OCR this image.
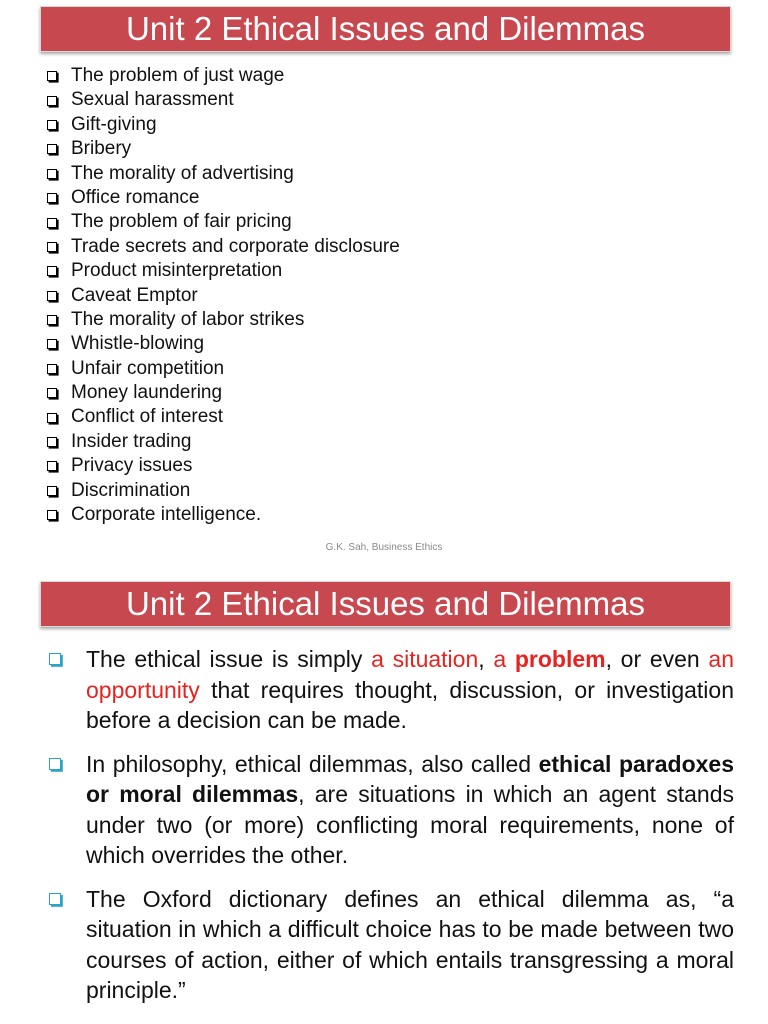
Unit 2 Ethical Issues and Dilemmas
The problem of just wage
Sexual harassment
Gift-giving
Bribery
The morality of advertising
Office romance
The problem of fair pricing
Trade secrets and corporate disclosure
Product misinterpretation
Caveat Emptor
The morality of labor strikes
Whistle-blowing
Unfair competition
Money laundering
Conflict of interest
Insider trading
Privacy issues
Discrimination
Corporate intelligence.
G.K. Sah, Business Ethics
Unit 2 Ethical Issues and Dilemmas
The ethical issue is simply a situation, a problem, or even an opportunity that requires thought, discussion, or investigation before a decision can be made.
In philosophy, ethical dilemmas, also called ethical paradoxes or moral dilemmas, are situations in which an agent stands under two (or more) conflicting moral requirements, none of which overrides the other.
The Oxford dictionary defines an ethical dilemma as, “a situation in which a difficult choice has to be made between two courses of action, either of which entails transgressing a moral principle.”
